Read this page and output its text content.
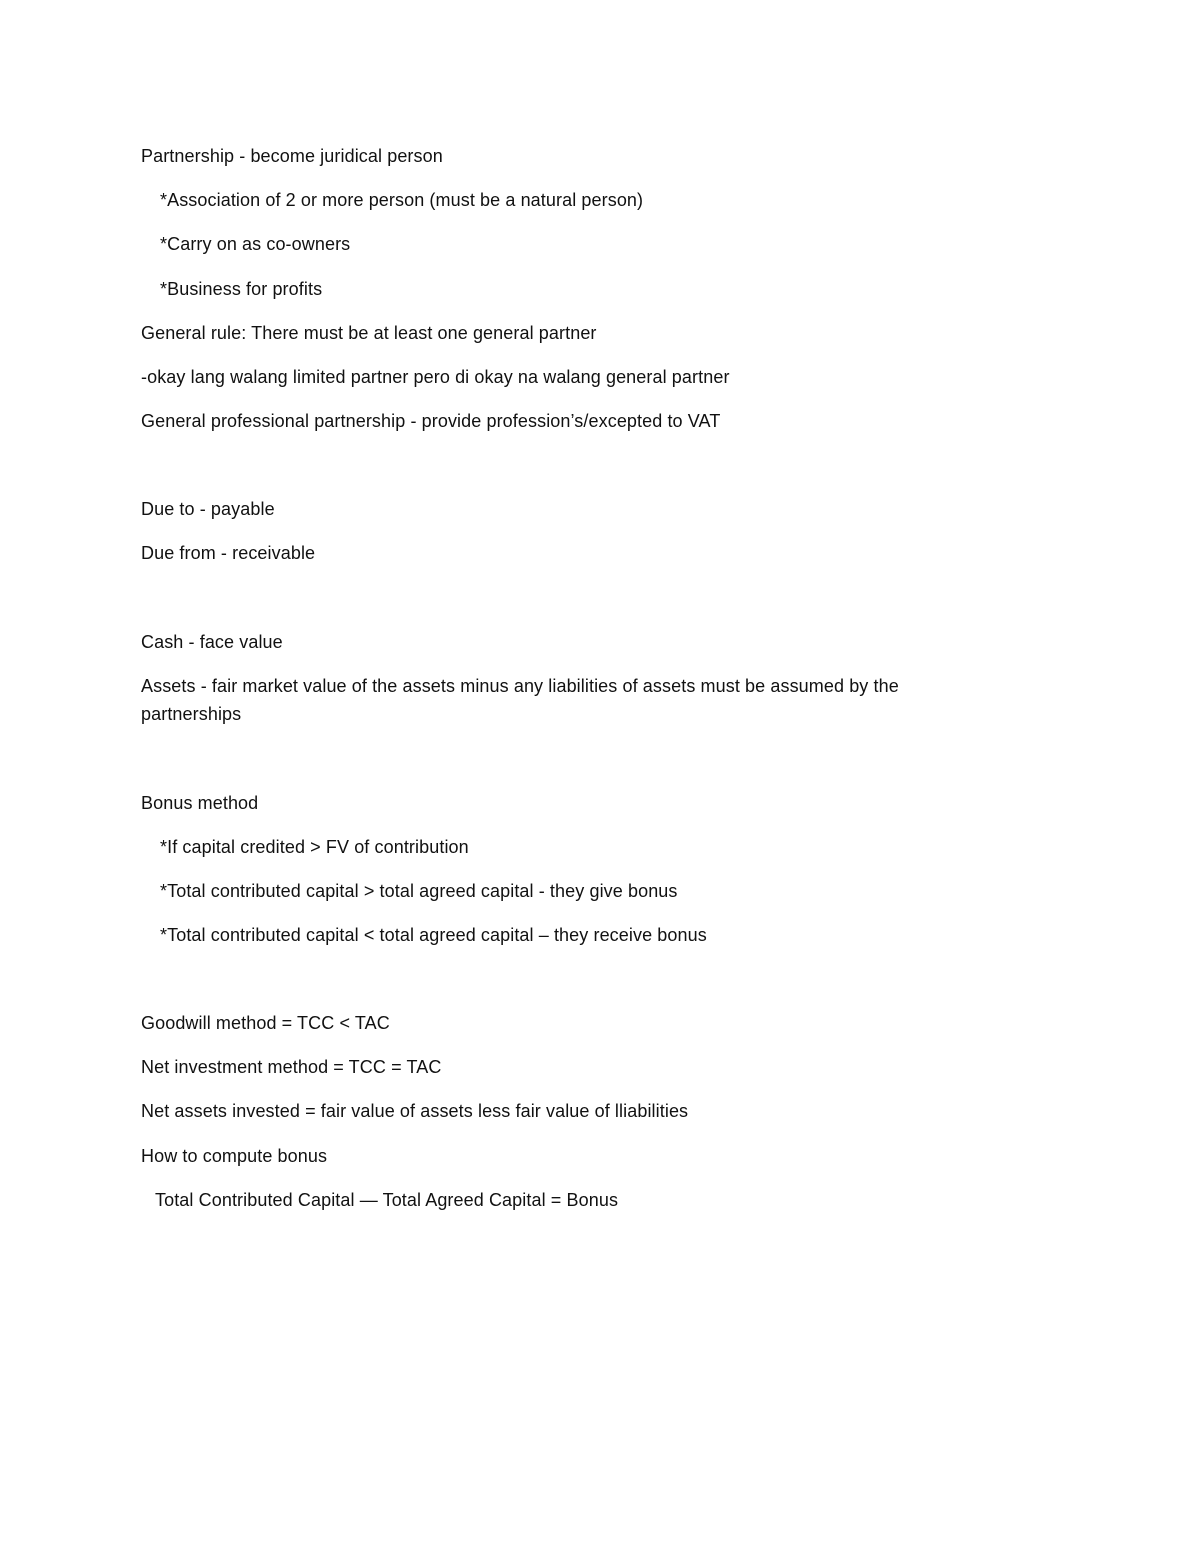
Partnership - become juridical person
*Association of 2 or more person (must be a natural person)
*Carry on as co-owners
*Business for profits
General rule: There must be at least one general partner
-okay lang walang limited partner pero di okay na walang general partner
General professional partnership - provide profession’s/excepted to VAT
Due to - payable
Due from - receivable
Cash - face value
Assets - fair market value of the assets minus any liabilities of assets must be assumed by the partnerships
Bonus method
*If capital credited > FV of contribution
*Total contributed capital > total agreed capital - they give bonus
*Total contributed capital < total agreed capital – they receive bonus
Goodwill method = TCC < TAC
Net investment method = TCC = TAC
Net assets invested = fair value of assets less fair value of lliabilities
How to compute bonus
Total Contributed Capital — Total Agreed Capital = Bonus
